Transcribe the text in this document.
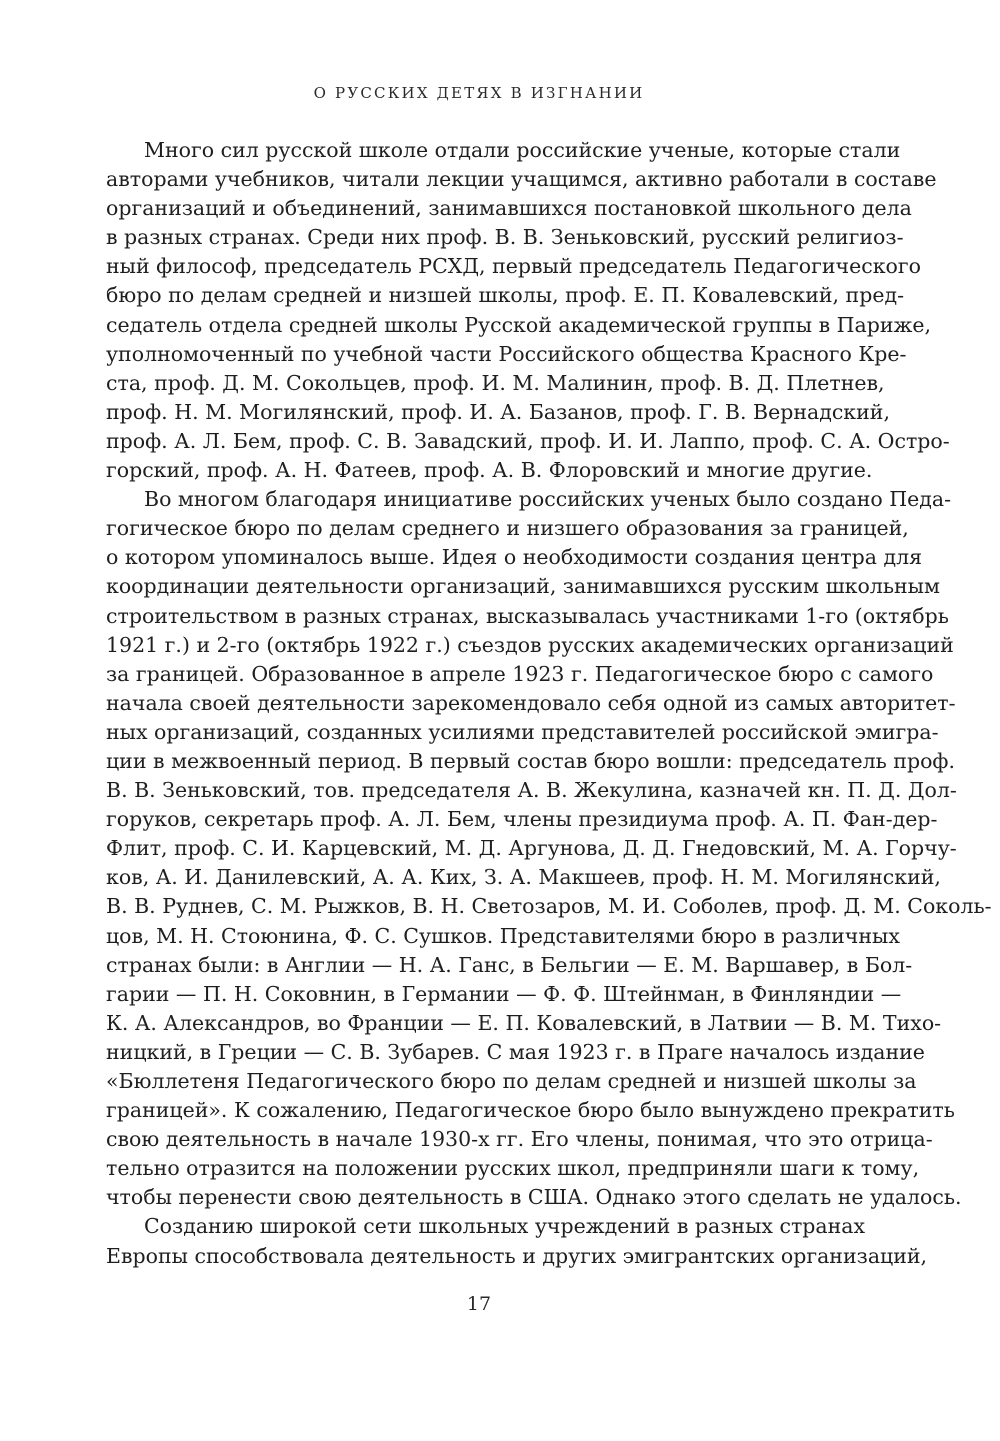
О РУССКИХ ДЕТЯХ В ИЗГНАНИИ
Много сил русской школе отдали российские ученые, которые стали
авторами учебников, читали лекции учащимся, активно работали в составе
организаций и объединений, занимавшихся постановкой школьного дела
в разных странах. Среди них проф. В. В. Зеньковский, русский религиоз-
ный философ, председатель РСХД, первый председатель Педагогического
бюро по делам средней и низшей школы, проф. Е. П. Ковалевский, пред-
седатель отдела средней школы Русской академической группы в Париже,
уполномоченный по учебной части Российского общества Красного Кре-
ста, проф. Д. М. Сокольцев, проф. И. М. Малинин, проф. В. Д. Плетнев,
проф. Н. М. Могилянский, проф. И. А. Базанов, проф. Г. В. Вернадский,
проф. А. Л. Бем, проф. С. В. Завадский, проф. И. И. Лаппо, проф. С. А. Остро-
горский, проф. А. Н. Фатеев, проф. А. В. Флоровский и многие другие.
Во многом благодаря инициативе российских ученых было создано Педа-
гогическое бюро по делам среднего и низшего образования за границей,
о котором упоминалось выше. Идея о необходимости создания центра для
координации деятельности организаций, занимавшихся русским школьным
строительством в разных странах, высказывалась участниками 1-го (октябрь
1921 г.) и 2-го (октябрь 1922 г.) съездов русских академических организаций
за границей. Образованное в апреле 1923 г. Педагогическое бюро с самого
начала своей деятельности зарекомендовало себя одной из самых авторитет-
ных организаций, созданных усилиями представителей российской эмигра-
ции в межвоенный период. В первый состав бюро вошли: председатель проф.
В. В. Зеньковский, тов. председателя А. В. Жекулина, казначей кн. П. Д. Дол-
горуков, секретарь проф. А. Л. Бем, члены президиума проф. А. П. Фан-дер-
Флит, проф. С. И. Карцевский, М. Д. Аргунова, Д. Д. Гнедовский, М. А. Горчу-
ков, А. И. Данилевский, А. А. Ких, З. А. Макшеев, проф. Н. М. Могилянский,
В. В. Руднев, С. М. Рыжков, В. Н. Светозаров, М. И. Соболев, проф. Д. М. Соколь-
цов, М. Н. Стоюнина, Ф. С. Сушков. Представителями бюро в различных
странах были: в Англии — Н. А. Ганс, в Бельгии — Е. М. Варшавер, в Бол-
гарии — П. Н. Соковнин, в Германии — Ф. Ф. Штейнман, в Финляндии —
К. А. Александров, во Франции — Е. П. Ковалевский, в Латвии — В. М. Тихо-
ницкий, в Греции — С. В. Зубарев. С мая 1923 г. в Праге началось издание
«Бюллетеня Педагогического бюро по делам средней и низшей школы за
границей». К сожалению, Педагогическое бюро было вынуждено прекратить
свою деятельность в начале 1930-х гг. Его члены, понимая, что это отрица-
тельно отразится на положении русских школ, предприняли шаги к тому,
чтобы перенести свою деятельность в США. Однако этого сделать не удалось.
Созданию широкой сети школьных учреждений в разных странах
Европы способствовала деятельность и других эмигрантских организаций,
17
